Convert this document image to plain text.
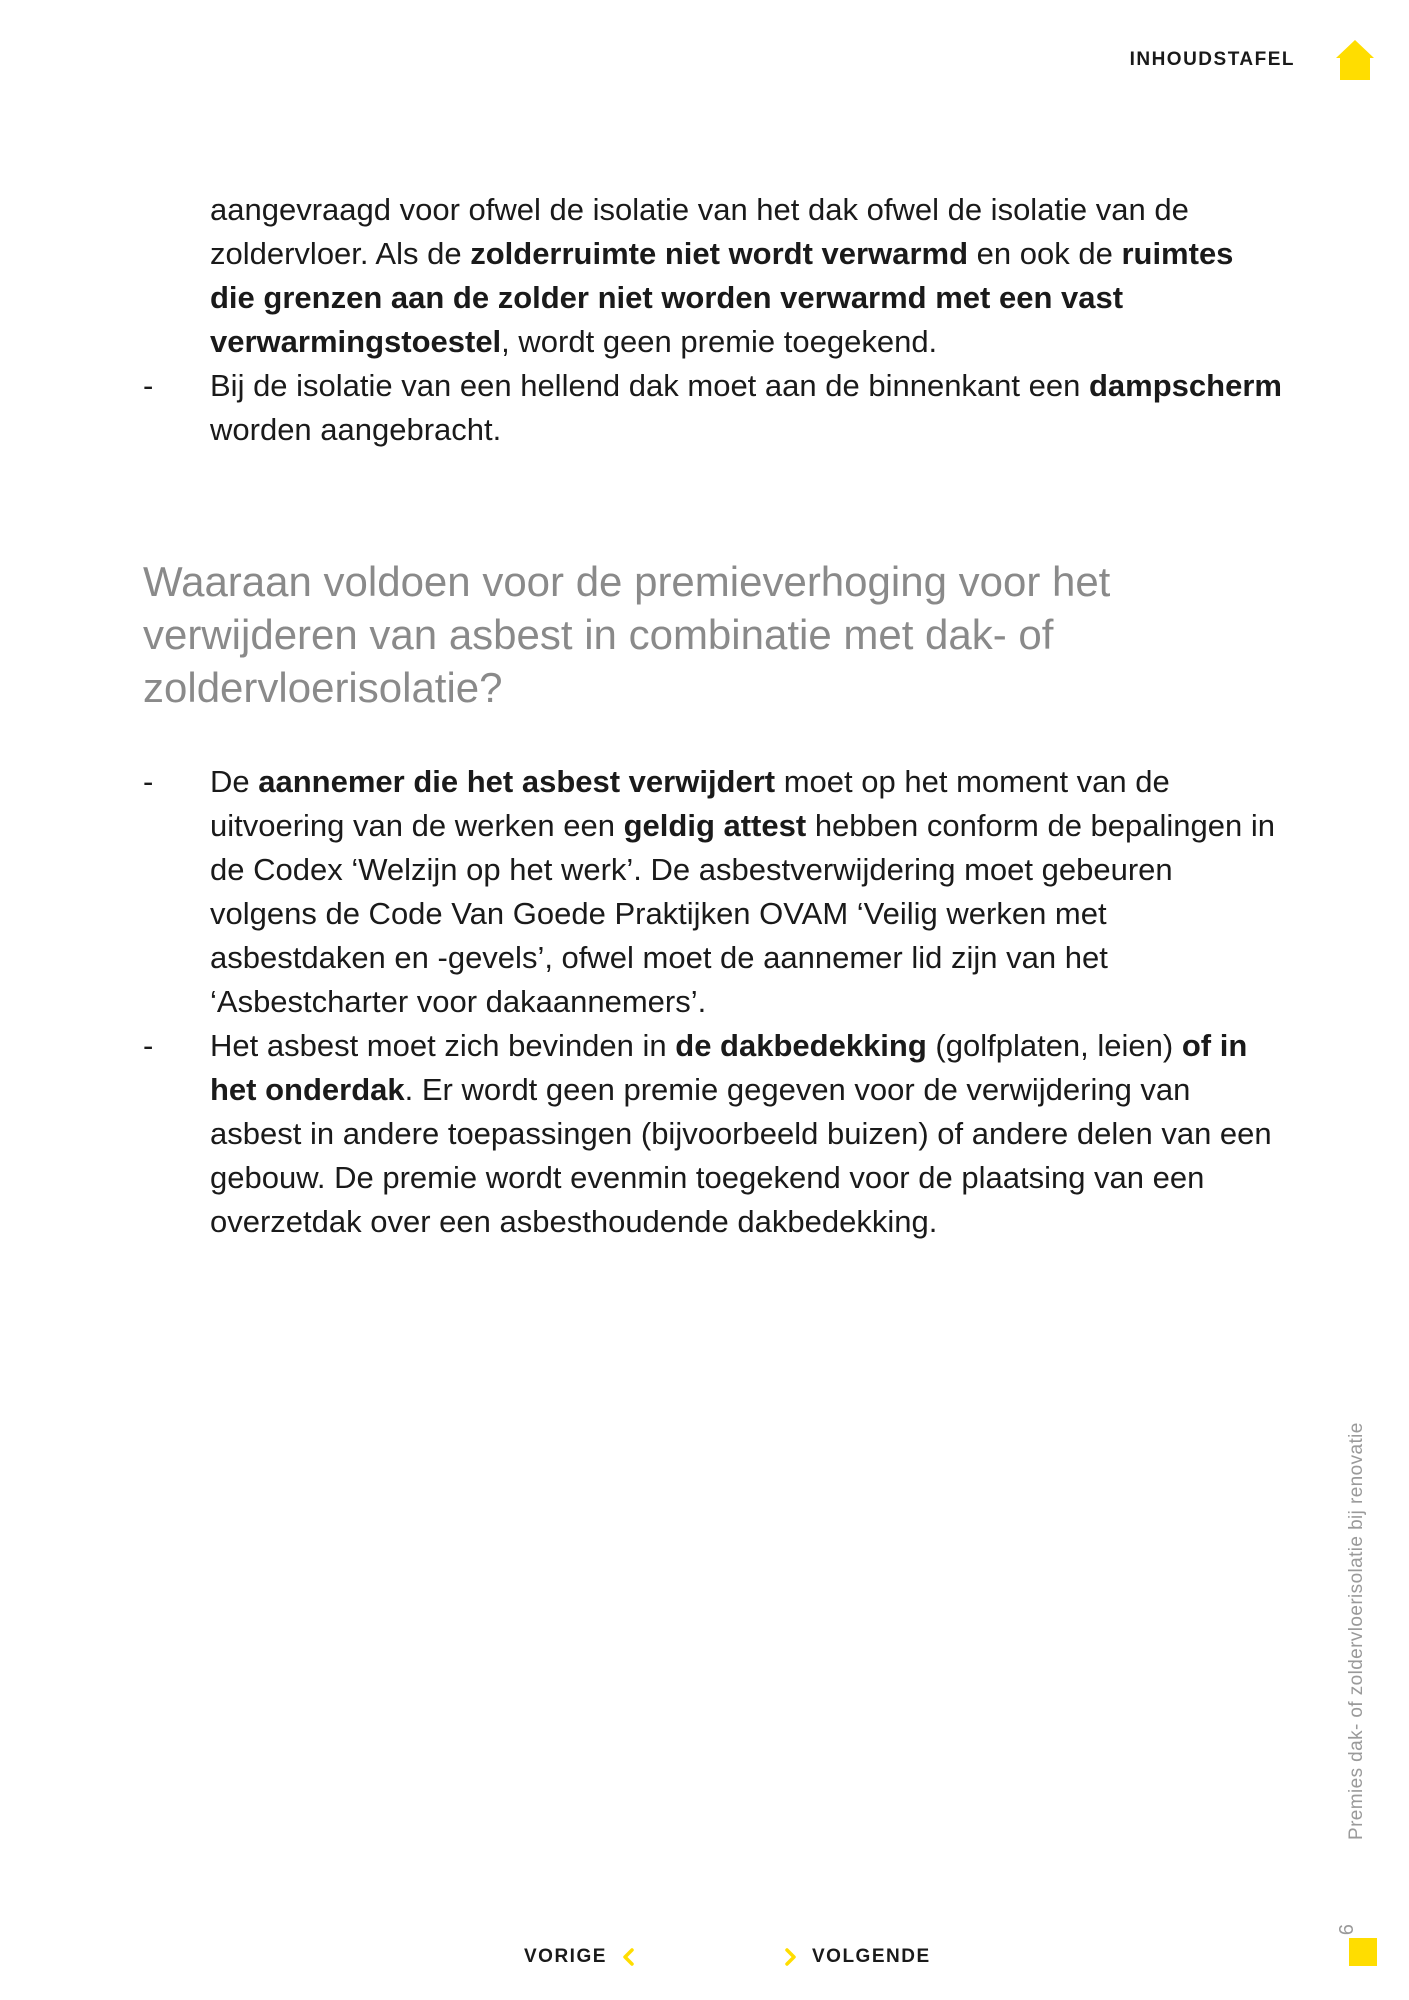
INHOUDSTAFEL
aangevraagd voor ofwel de isolatie van het dak ofwel de isolatie van de zoldervloer. Als de zolderruimte niet wordt verwarmd en ook de ruimtes die grenzen aan de zolder niet worden verwarmd met een vast verwarmingstoestel, wordt geen premie toegekend.
- Bij de isolatie van een hellend dak moet aan de binnenkant een dampscherm worden aangebracht.
Waaraan voldoen voor de premieverhoging voor het verwijderen van asbest in combinatie met dak- of zoldervloerisolatie?
- De aannemer die het asbest verwijdert moet op het moment van de uitvoering van de werken een geldig attest hebben conform de bepalingen in de Codex ‘Welzijn op het werk’. De asbestverwijdering moet gebeuren volgens de Code Van Goede Praktijken OVAM ‘Veilig werken met asbestdaken en -gevels’, ofwel moet de aannemer lid zijn van het ‘Asbestcharter voor dakaannemers’.
- Het asbest moet zich bevinden in de dakbedekking (golfplaten, leien) of in het onderdak. Er wordt geen premie gegeven voor de verwijdering van asbest in andere toepassingen (bijvoorbeeld buizen) of andere delen van een gebouw. De premie wordt evenmin toegekend voor de plaatsing van een overzetdak over een asbesthoudende dakbedekking.
Premies dak- of zoldervloerisolatie bij renovatie
9
VORIGE	VOLGENDE
